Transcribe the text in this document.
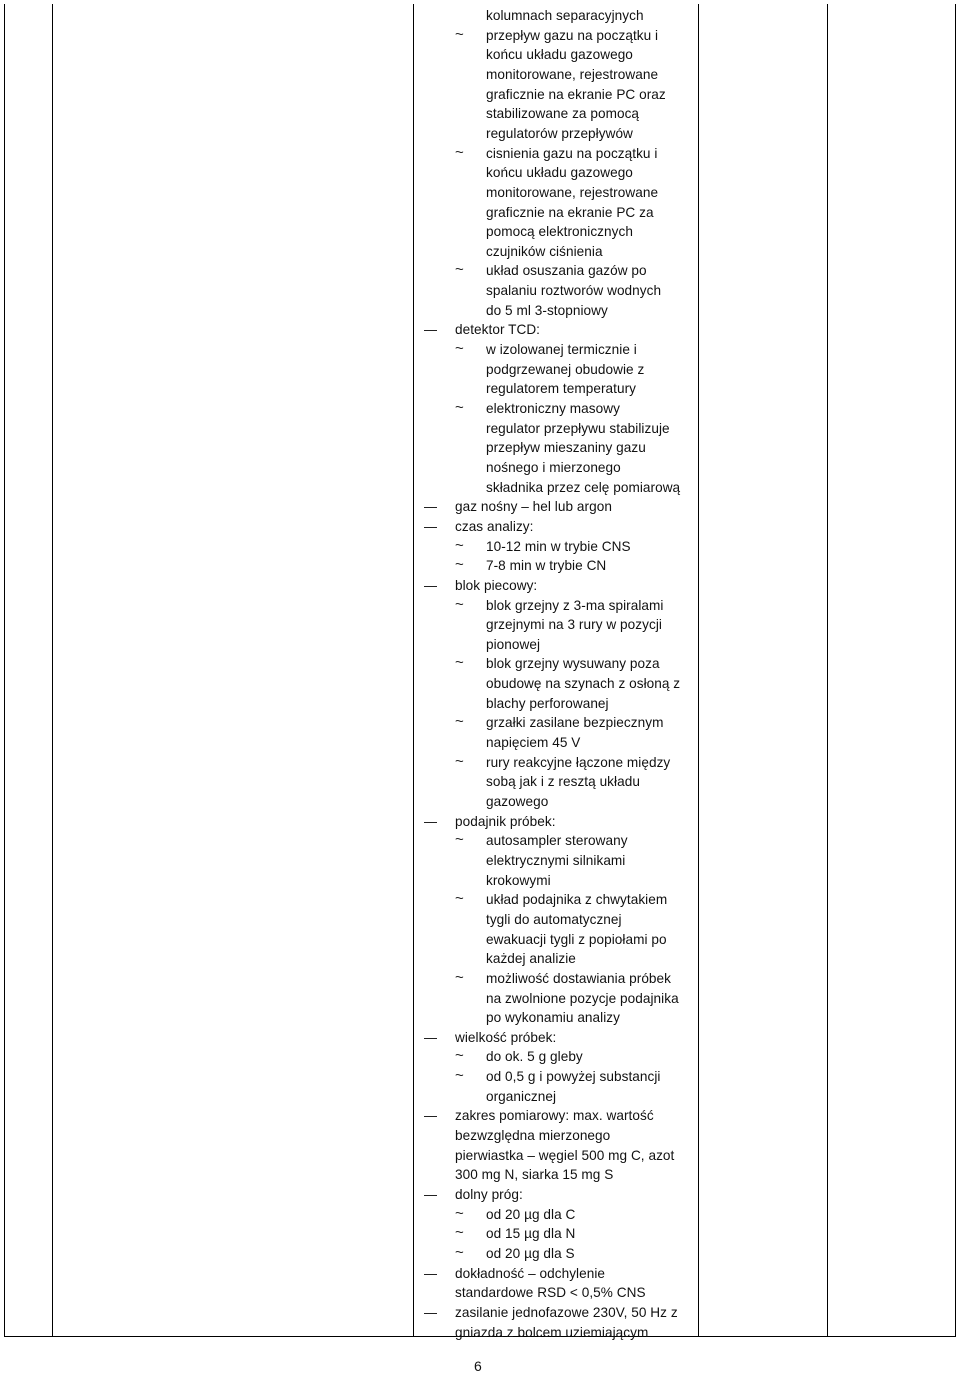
kolumnach separacyjnych
przepływ gazu na początku i
~
końcu układu gazowego
monitorowane, rejestrowane
graficznie na ekranie PC oraz
stabilizowane za pomocą
regulatorów przepływów
cisnienia gazu na początku i
~
końcu układu gazowego
monitorowane, rejestrowane
graficznie na ekranie PC za
pomocą elektronicznych
czujników ciśnienia
układ osuszania gazów po
~
spalaniu roztworów wodnych
do 5 ml 3-stopniowy
detektor TCD:
w izolowanej termicznie i
~
podgrzewanej obudowie z
regulatorem temperatury
elektroniczny masowy
~
regulator przepływu stabilizuje
przepływ mieszaniny gazu
nośnego i mierzonego
składnika przez celę pomiarową
gaz nośny – hel lub argon
czas analizy:
10-12 min w trybie CNS
~
7-8 min w trybie CN
~
blok piecowy:
blok grzejny z 3-ma spiralami
~
grzejnymi na 3 rury w pozycji
pionowej
blok grzejny wysuwany poza
~
obudowę na szynach z osłoną z
blachy perforowanej
grzałki zasilane bezpiecznym
~
napięciem 45 V
rury reakcyjne łączone między
~
sobą jak i z resztą układu
gazowego
podajnik próbek:
autosampler sterowany
~
elektrycznymi silnikami
krokowymi
układ podajnika z chwytakiem
~
tygli do automatycznej
ewakuacji tygli z popiołami po
każdej analizie
możliwość dostawiania próbek
~
na zwolnione pozycje podajnika
po wykonamiu analizy
wielkość próbek:
do ok. 5 g gleby
~
od 0,5 g i powyżej substancji
~
organicznej
zakres pomiarowy: max. wartość
bezwzględna mierzonego
pierwiastka – węgiel 500 mg C, azot
300 mg N, siarka 15 mg S
dolny próg:
od 20 µg dla C
~
od 15 µg dla N
~
od 20 µg dla S
~
dokładność – odchylenie
standardowe RSD < 0,5% CNS
zasilanie jednofazowe 230V, 50 Hz z
gniazda z bolcem uziemiającym
6
